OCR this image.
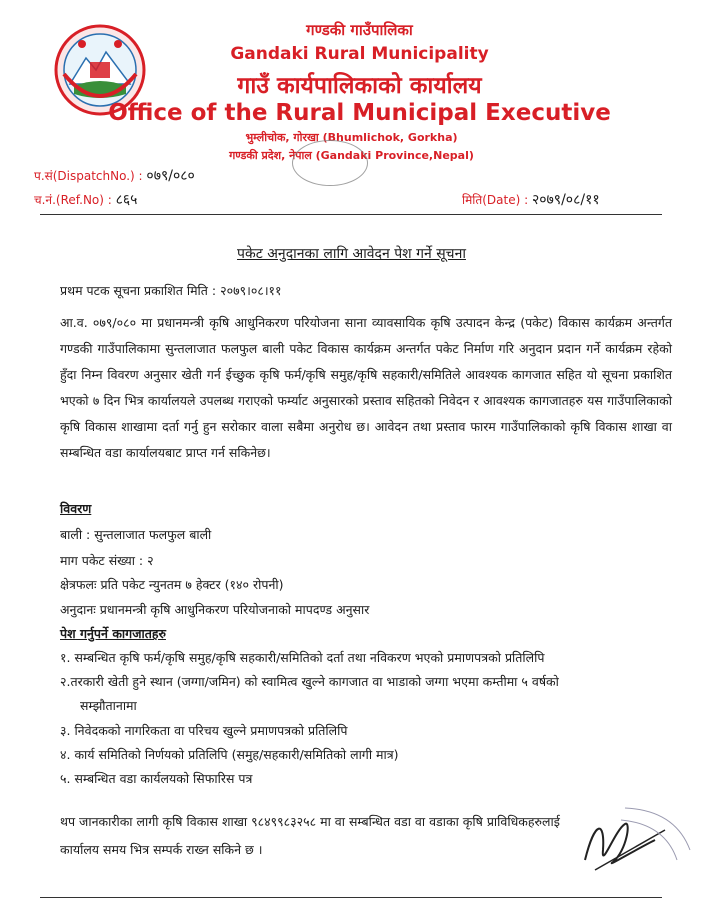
गण्डकी गाउँपालिका
Gandaki Rural Municipality
गाउँ कार्यपालिकाको कार्यालय
Office of the Rural Municipal Executive
भुम्लीचोक, गोरखा (Bhumlichok, Gorkha)
गण्डकी प्रदेश, नेपाल (Gandaki Province,Nepal)
प.सं(DispatchNo.) : ०७९/०८०
च.नं.(Ref.No) : ८६५	मिति(Date) : २०७९/०८/११
पकेट अनुदानका लागि आवेदन पेश गर्ने सूचना
प्रथम पटक सूचना प्रकाशित मिति : २०७९।०८।११
आ.व. ०७९/०८० मा प्रधानमन्त्री कृषि आधुनिकरण परियोजना साना व्यावसायिक कृषि उत्पादन केन्द्र (पकेट) विकास कार्यक्रम अन्तर्गत गण्डकी गाउँपालिकामा सुन्तलाजात फलफुल बाली पकेट विकास कार्यक्रम अन्तर्गत पकेट निर्माण गरि अनुदान प्रदान गर्ने कार्यक्रम रहेको हुँदा निम्न विवरण अनुसार खेती गर्न ईच्छुक कृषि फर्म/कृषि समुह/कृषि सहकारी/समितिले आवश्यक कागजात सहित यो सूचना प्रकाशित भएको ७ दिन भित्र कार्यालयले उपलब्ध गराएको फर्म्याट अनुसारको प्रस्ताव सहितको निवेदन र आवश्यक कागजातहरु यस गाउँपालिकाको कृषि विकास शाखामा दर्ता गर्नु हुन सरोकार वाला सबैमा अनुरोध छ। आवेदन तथा प्रस्ताव फारम गाउँपालिकाको कृषि विकास शाखा वा सम्बन्धित वडा कार्यालयबाट प्राप्त गर्न सकिनेछ।
विवरण
बाली : सुन्तलाजात फलफुल बाली
माग पकेट संख्या : २
क्षेत्रफलः प्रति पकेट न्युनतम ७ हेक्टर (१४० रोपनी)
अनुदानः प्रधानमन्त्री कृषि आधुनिकरण परियोजनाको मापदण्ड अनुसार
पेश गर्नुपर्ने कागजातहरु
१. सम्बन्धित कृषि फर्म/कृषि समुह/कृषि सहकारी/समितिको दर्ता तथा नविकरण भएको प्रमाणपत्रको प्रतिलिपि
२.तरकारी खेती हुने स्थान (जग्गा/जमिन) को स्वामित्व खुल्ने कागजात वा भाडाको जग्गा भएमा कम्तीमा ५ वर्षको
सम्झौतानामा
३. निवेदकको नागरिकता वा परिचय खुल्ने प्रमाणपत्रको प्रतिलिपि
४. कार्य समितिको निर्णयको प्रतिलिपि (समुह/सहकारी/समितिको लागी मात्र)
५. सम्बन्धित वडा कार्यलयको सिफारिस पत्र
थप जानकारीका लागी कृषि विकास शाखा ९८४९९८३२५८ मा वा सम्बन्धित वडा वा वडाका कृषि प्राविधिकहरुलाई कार्यालय समय भित्र सम्पर्क राख्न सकिने छ ।
